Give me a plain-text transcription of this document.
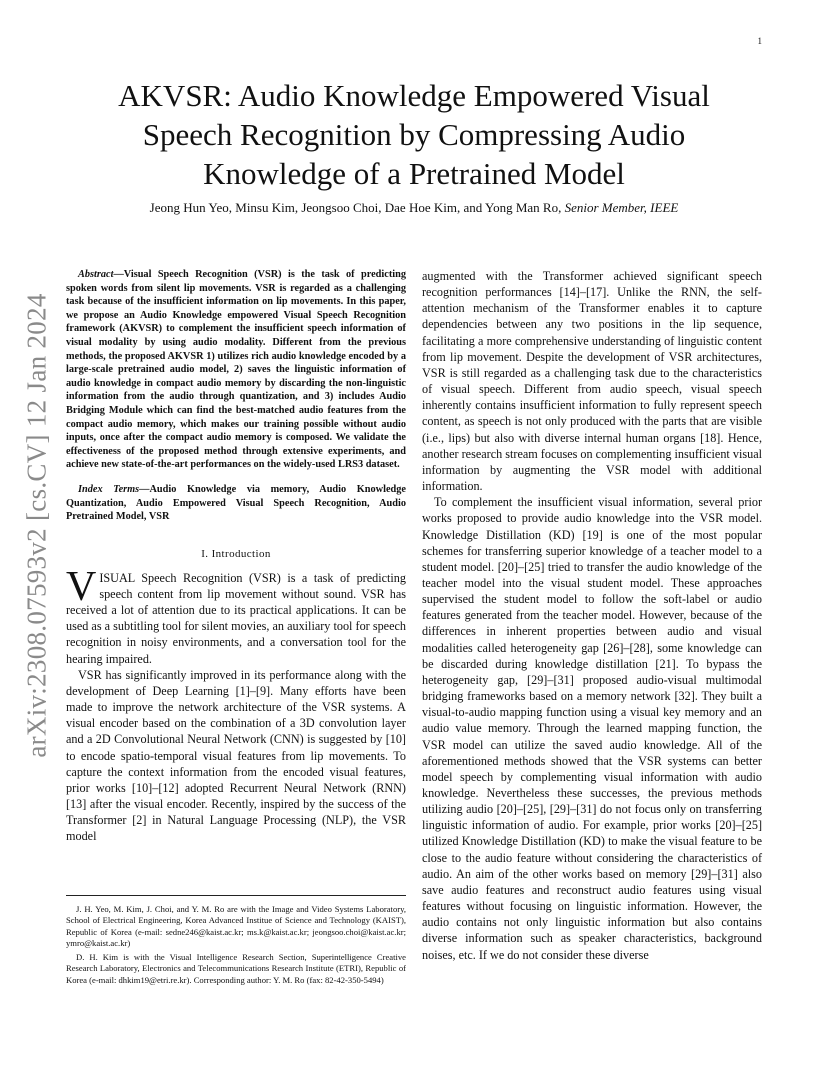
1
arXiv:2308.07593v2 [cs.CV] 12 Jan 2024
AKVSR: Audio Knowledge Empowered Visual Speech Recognition by Compressing Audio Knowledge of a Pretrained Model
Jeong Hun Yeo, Minsu Kim, Jeongsoo Choi, Dae Hoe Kim, and Yong Man Ro, Senior Member, IEEE

Abstract—Visual Speech Recognition (VSR) is the task of predicting spoken words from silent lip movements. VSR is regarded as a challenging task because of the insufficient information on lip movements. In this paper, we propose an Audio Knowledge empowered Visual Speech Recognition framework (AKVSR) to complement the insufficient speech information of visual modality by using audio modality. Different from the previous methods, the proposed AKVSR 1) utilizes rich audio knowledge encoded by a large-scale pretrained audio model, 2) saves the linguistic information of audio knowledge in compact audio memory by discarding the non-linguistic information from the audio through quantization, and 3) includes Audio Bridging Module which can find the best-matched audio features from the compact audio memory, which makes our training possible without audio inputs, once after the compact audio memory is composed. We validate the effectiveness of the proposed method through extensive experiments, and achieve new state-of-the-art performances on the widely-used LRS3 dataset.

Index Terms—Audio Knowledge via memory, Audio Knowledge Quantization, Audio Empowered Visual Speech Recognition, Audio Pretrained Model, VSR

I. Introduction

VISUAL Speech Recognition (VSR) is a task of predicting speech content from lip movement without sound. VSR has received a lot of attention due to its practical applications. It can be used as a subtitling tool for silent movies, an auxiliary tool for speech recognition in noisy environments, and a conversation tool for the hearing impaired.

VSR has significantly improved in its performance along with the development of Deep Learning [1]–[9]. Many efforts have been made to improve the network architecture of the VSR systems. A visual encoder based on the combination of a 3D convolution layer and a 2D Convolutional Neural Network (CNN) is suggested by [10] to encode spatio-temporal visual features from lip movements. To capture the context information from the encoded visual features, prior works [10]–[12] adopted Recurrent Neural Network (RNN) [13] after the visual encoder. Recently, inspired by the success of the Transformer [2] in Natural Language Processing (NLP), the VSR model

J. H. Yeo, M. Kim, J. Choi, and Y. M. Ro are with the Image and Video Systems Laboratory, School of Electrical Engineering, Korea Advanced Institue of Science and Technology (KAIST), Republic of Korea (e-mail: sedne246@kaist.ac.kr; ms.k@kaist.ac.kr; jeongsoo.choi@kaist.ac.kr; ymro@kaist.ac.kr)

D. H. Kim is with the Visual Intelligence Research Section, Superintelligence Creative Research Laboratory, Electronics and Telecommunications Research Institute (ETRI), Republic of Korea (e-mail: dhkim19@etri.re.kr). Corresponding author: Y. M. Ro (fax: 82-42-350-5494)

augmented with the Transformer achieved significant speech recognition performances [14]–[17]. Unlike the RNN, the self-attention mechanism of the Transformer enables it to capture dependencies between any two positions in the lip sequence, facilitating a more comprehensive understanding of linguistic content from lip movement. Despite the development of VSR architectures, VSR is still regarded as a challenging task due to the characteristics of visual speech. Different from audio speech, visual speech inherently contains insufficient information to fully represent speech content, as speech is not only produced with the parts that are visible (i.e., lips) but also with diverse internal human organs [18]. Hence, another research stream focuses on complementing insufficient visual information by augmenting the VSR model with additional information.

To complement the insufficient visual information, several prior works proposed to provide audio knowledge into the VSR model. Knowledge Distillation (KD) [19] is one of the most popular schemes for transferring superior knowledge of a teacher model to a student model. [20]–[25] tried to transfer the audio knowledge of the teacher model into the visual student model. These approaches supervised the student model to follow the soft-label or audio features generated from the teacher model. However, because of the differences in inherent properties between audio and visual modalities called heterogeneity gap [26]–[28], some knowledge can be discarded during knowledge distillation [21]. To bypass the heterogeneity gap, [29]–[31] proposed audio-visual multimodal bridging frameworks based on a memory network [32]. They built a visual-to-audio mapping function using a visual key memory and an audio value memory. Through the learned mapping function, the VSR model can utilize the saved audio knowledge. All of the aforementioned methods showed that the VSR systems can better model speech by complementing visual information with audio knowledge. Nevertheless these successes, the previous methods utilizing audio [20]–[25], [29]–[31] do not focus only on transferring linguistic information of audio. For example, prior works [20]–[25] utilized Knowledge Distillation (KD) to make the visual feature to be close to the audio feature without considering the characteristics of audio. An aim of the other works based on memory [29]–[31] also save audio features and reconstruct audio features using visual features without focusing on linguistic information. However, the audio contains not only linguistic information but also contains diverse information such as speaker characteristics, background noises, etc. If we do not consider these diverse
